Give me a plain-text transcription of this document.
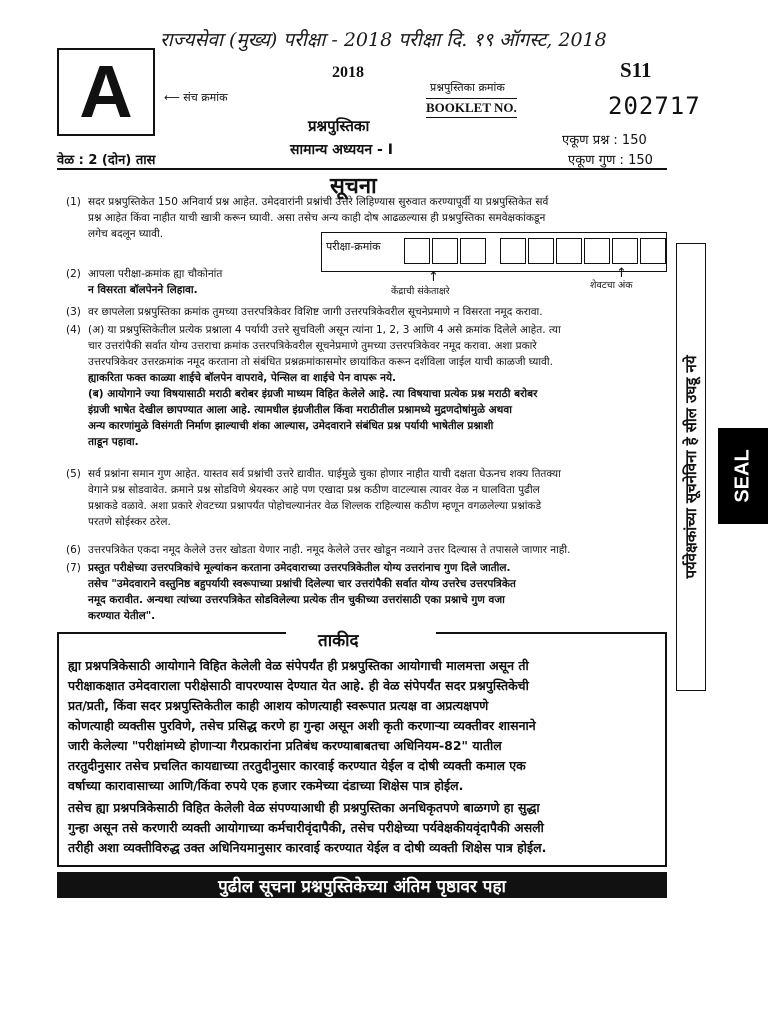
राज्यसेवा (मुख्य) परीक्षा - 2018 परीक्षा दि. १९ ऑगस्ट, 2018
A	⟵ संच क्रमांक
2018
प्रश्नपुस्तिका क्रमांक
BOOKLET NO.
S11
202717
प्रश्नपुस्तिका
सामान्य अध्ययन - I
एकूण प्रश्न : 150
एकूण गुण : 150
वेळ : 2 (दोन) तास
सूचना
(1) सदर प्रश्नपुस्तिकेत 150 अनिवार्य प्रश्न आहेत. उमेदवारांनी प्रश्नांची उत्तरे लिहिण्यास सुरुवात करण्यापूर्वी या प्रश्नपुस्तिकेत सर्व
प्रश्न आहेत किंवा नाहीत याची खात्री करून घ्यावी. असा तसेच अन्य काही दोष आढळल्यास ही प्रश्नपुस्तिका समवेक्षकांकडून
लगेच बदलून घ्यावी.
परीक्षा-क्रमांक
↑	↑
केंद्राची संकेताक्षरे
शेवटचा अंक
(2) आपला परीक्षा-क्रमांक ह्या चौकोनांत
न विसरता बॉलपेनने लिहावा.
(3) वर छापलेला प्रश्नपुस्तिका क्रमांक तुमच्या उत्तरपत्रिकेवर विशिष्ट जागी उत्तरपत्रिकेवरील सूचनेप्रमाणे न विसरता नमूद करावा.
(4) (अ) या प्रश्नपुस्तिकेतील प्रत्येक प्रश्नाला 4 पर्यायी उत्तरे सुचविली असून त्यांना 1, 2, 3 आणि 4 असे क्रमांक दिलेले आहेत. त्या
चार उत्तरांपैकी सर्वात योग्य उत्तराचा क्रमांक उत्तरपत्रिकेवरील सूचनेप्रमाणे तुमच्या उत्तरपत्रिकेवर नमूद करावा. अशा प्रकारे
उत्तरपत्रिकेवर उत्तरक्रमांक नमूद करताना तो संबंधित प्रश्नक्रमांकासमोर छायांकित करून दर्शविला जाईल याची काळजी घ्यावी.
ह्याकरिता फक्त काळ्या शाईचे बॉलपेन वापरावे, पेन्सिल वा शाईचे पेन वापरू नये.
(ब) आयोगाने ज्या विषयासाठी मराठी बरोबर इंग्रजी माध्यम विहित केलेले आहे. त्या विषयाचा प्रत्येक प्रश्न मराठी बरोबर
इंग्रजी भाषेत देखील छापण्यात आला आहे. त्यामधील इंग्रजीतील किंवा मराठीतील प्रश्नामध्ये मुद्रणदोषांमुळे अथवा
अन्य कारणांमुळे विसंगती निर्माण झाल्याची शंका आल्यास, उमेदवाराने संबंधित प्रश्न पर्यायी भाषेतील प्रश्नाशी
ताडून पहावा.
(5) सर्व प्रश्नांना समान गुण आहेत. यास्तव सर्व प्रश्नांची उत्तरे द्यावीत. घाईमुळे चुका होणार नाहीत याची दक्षता घेऊनच शक्य तितक्या
वेगाने प्रश्न सोडवावेत. क्रमाने प्रश्न सोडविणे श्रेयस्कर आहे पण एखादा प्रश्न कठीण वाटल्यास त्यावर वेळ न घालविता पुढील
प्रश्नाकडे वळावे. अशा प्रकारे शेवटच्या प्रश्नापर्यंत पोहोचल्यानंतर वेळ शिल्लक राहिल्यास कठीण म्हणून वगळलेल्या प्रश्नांकडे
परतणे सोईस्कर ठरेल.
(6) उत्तरपत्रिकेत एकदा नमूद केलेले उत्तर खोडता येणार नाही. नमूद केलेले उत्तर खोडून नव्याने उत्तर दिल्यास ते तपासले जाणार नाही.
(7) प्रस्तुत परीक्षेच्या उत्तरपत्रिकांचे मूल्यांकन करताना उमेदवाराच्या उत्तरपत्रिकेतील योग्य उत्तरांनाच गुण दिले जातील.
तसेच "उमेदवाराने वस्तुनिष्ठ बहुपर्यायी स्वरूपाच्या प्रश्नांची दिलेल्या चार उत्तरांपैकी सर्वात योग्य उत्तरेच उत्तरपत्रिकेत
नमूद करावीत. अन्यथा त्यांच्या उत्तरपत्रिकेत सोडविलेल्या प्रत्येक तीन चुकीच्या उत्तरांसाठी एका प्रश्नाचे गुण वजा
करण्यात येतील".
ताकीद
ह्या प्रश्नपत्रिकेसाठी आयोगाने विहित केलेली वेळ संपेपर्यंत ही प्रश्नपुस्तिका आयोगाची मालमत्ता असून ती
परीक्षाकक्षात उमेदवाराला परीक्षेसाठी वापरण्यास देण्यात येत आहे. ही वेळ संपेपर्यंत सदर प्रश्नपुस्तिकेची
प्रत/प्रती, किंवा सदर प्रश्नपुस्तिकेतील काही आशय कोणत्याही स्वरूपात प्रत्यक्ष वा अप्रत्यक्षपणे
कोणत्याही व्यक्तीस पुरविणे, तसेच प्रसिद्ध करणे हा गुन्हा असून अशी कृती करणाऱ्या व्यक्तीवर शासनाने
जारी केलेल्या "परीक्षांमध्ये होणाऱ्या गैरप्रकारांना प्रतिबंध करण्याबाबतचा अधिनियम-82" यातील
तरतुदीनुसार तसेच प्रचलित कायद्याच्या तरतुदीनुसार कारवाई करण्यात येईल व दोषी व्यक्ती कमाल एक
वर्षाच्या कारावासाच्या आणि/किंवा रुपये एक हजार रकमेच्या दंडाच्या शिक्षेस पात्र होईल.
तसेच ह्या प्रश्नपत्रिकेसाठी विहित केलेली वेळ संपण्याआधी ही प्रश्नपुस्तिका अनधिकृतपणे बाळगणे हा सुद्धा
गुन्हा असून तसे करणारी व्यक्ती आयोगाच्या कर्मचारीवृंदापैकी, तसेच परीक्षेच्या पर्यवेक्षकीयवृंदापैकी असली
तरीही अशा व्यक्तीविरुद्ध उक्त अधिनियमानुसार कारवाई करण्यात येईल व दोषी व्यक्ती शिक्षेस पात्र होईल.
पुढील सूचना प्रश्नपुस्तिकेच्या अंतिम पृष्ठावर पहा
पर्यवेक्षकांच्या सूचनेविना हे सील उघडू नये SEAL
